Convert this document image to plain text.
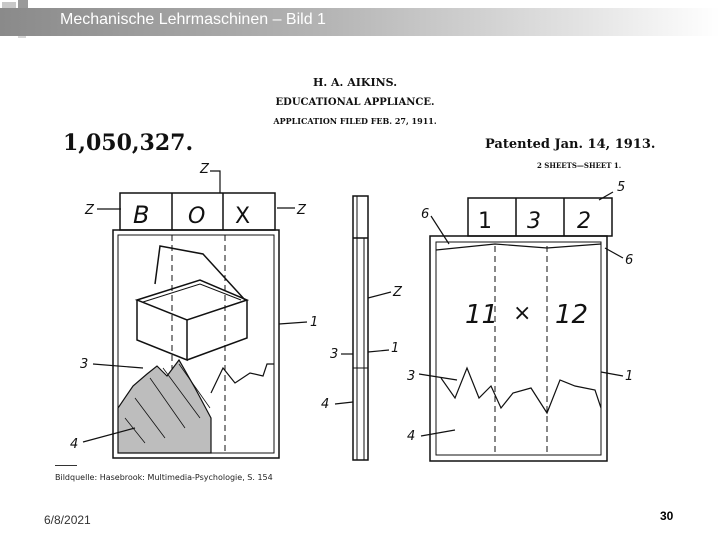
Mechanische Lehrmaschinen – Bild 1
H. A. AIKINS.
EDUCATIONAL APPLIANCE.
APPLICATION FILED FEB. 27, 1911.
1,050,327.	Patented Jan. 14, 1913.
2 SHEETS—SHEET 1.
B O X	1 3 2
11 × 12
Z
Z	Z
1
3
4
Z
3	1
4
6
5
6
3	1
4
Bildquelle: Hasebrook: Multimedia-Psychologie, S. 154
6/8/2021	30
